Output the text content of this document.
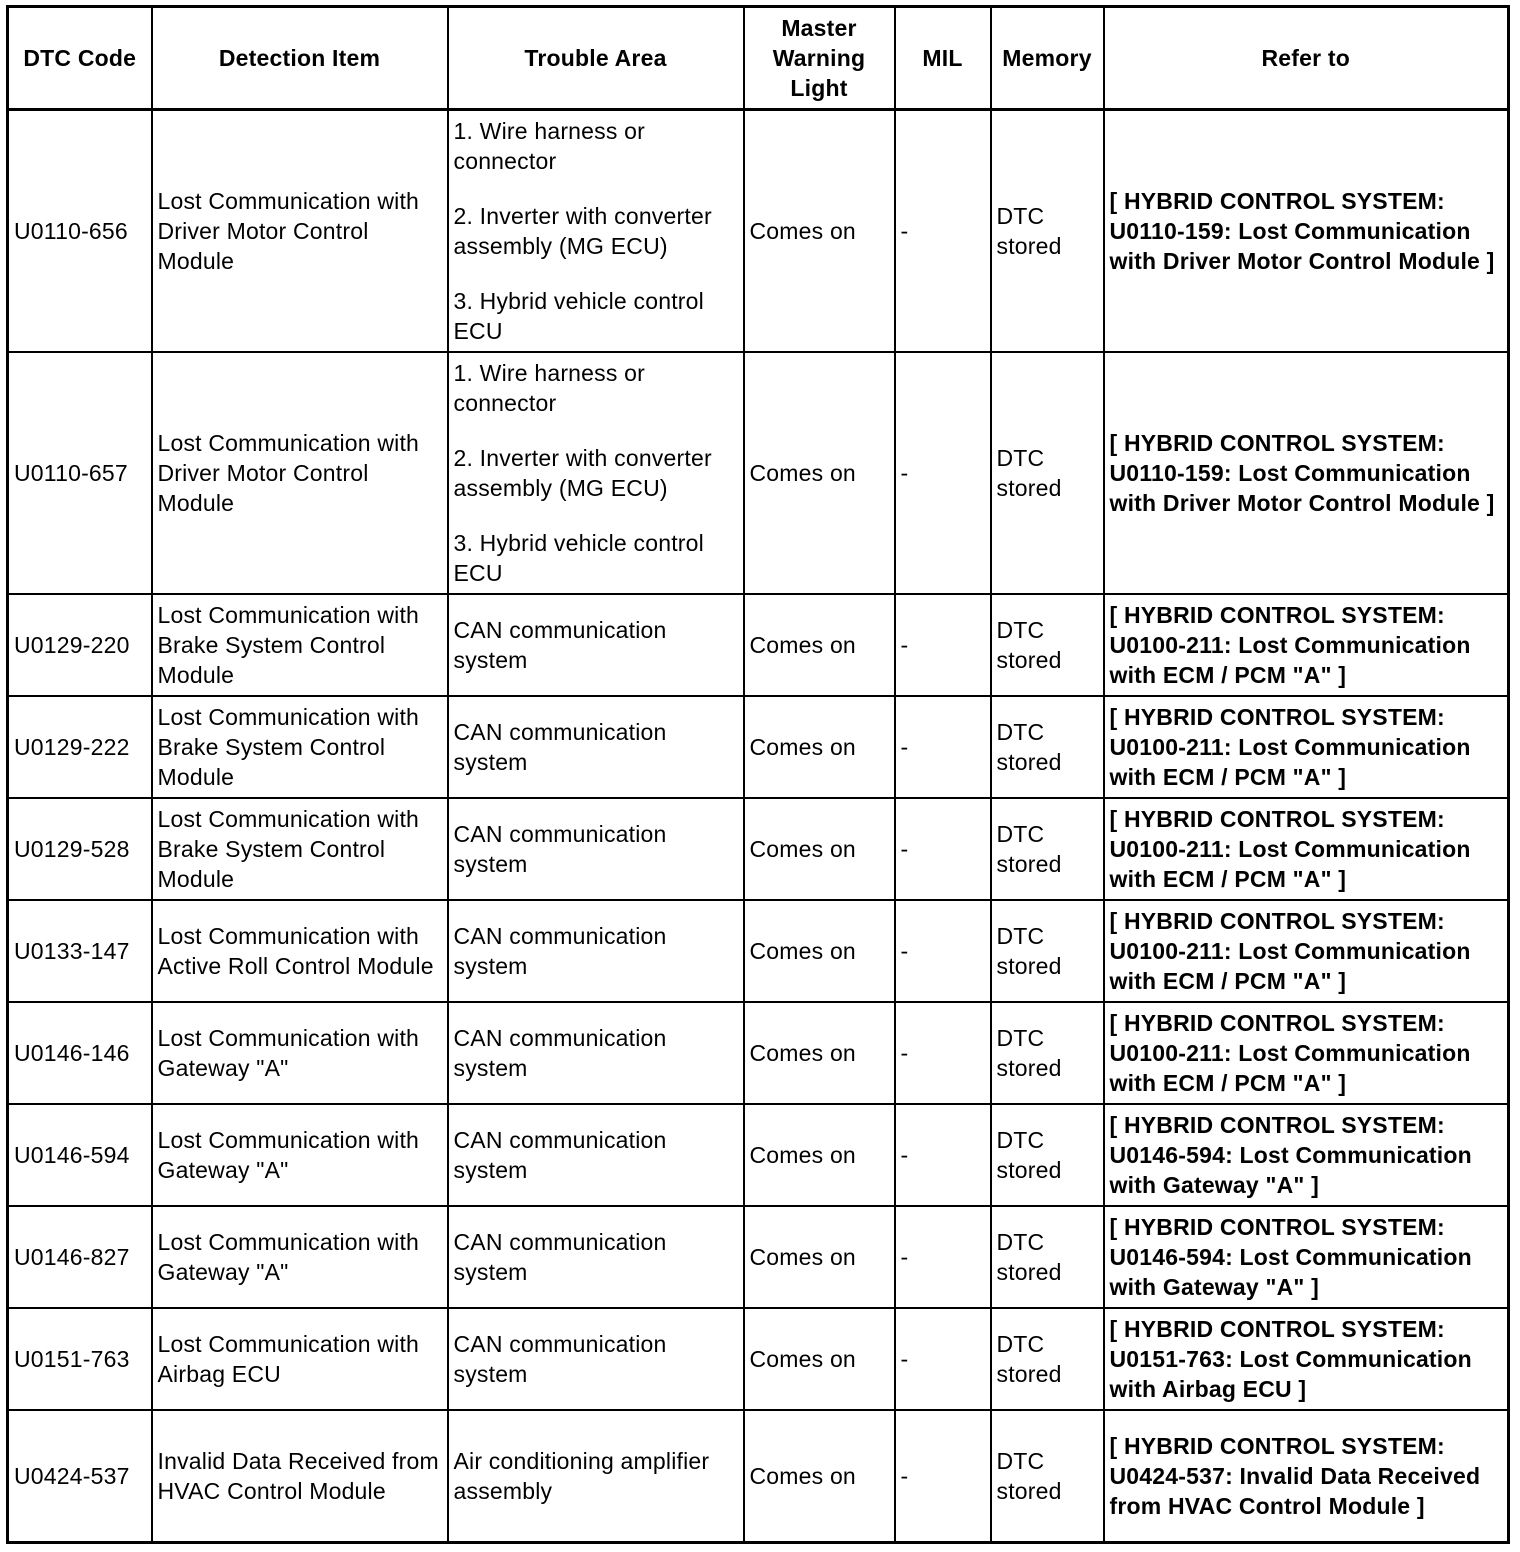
DTC Code	Detection Item	Trouble Area	Master Warning Light	MIL	Memory	Refer to
U0110-656	Lost Communication with Driver Motor Control Module	1. Wire harness or connector
2. Inverter with converter assembly (MG ECU)
3. Hybrid vehicle control ECU	Comes on	-	DTC stored	[ HYBRID CONTROL SYSTEM: U0110-159: Lost Communication with Driver Motor Control Module ]
U0110-657	Lost Communication with Driver Motor Control Module	1. Wire harness or connector
2. Inverter with converter assembly (MG ECU)
3. Hybrid vehicle control ECU	Comes on	-	DTC stored	[ HYBRID CONTROL SYSTEM: U0110-159: Lost Communication with Driver Motor Control Module ]
U0129-220	Lost Communication with Brake System Control Module	CAN communication system	Comes on	-	DTC stored	[ HYBRID CONTROL SYSTEM: U0100-211: Lost Communication with ECM / PCM "A" ]
U0129-222	Lost Communication with Brake System Control Module	CAN communication system	Comes on	-	DTC stored	[ HYBRID CONTROL SYSTEM: U0100-211: Lost Communication with ECM / PCM "A" ]
U0129-528	Lost Communication with Brake System Control Module	CAN communication system	Comes on	-	DTC stored	[ HYBRID CONTROL SYSTEM: U0100-211: Lost Communication with ECM / PCM "A" ]
U0133-147	Lost Communication with Active Roll Control Module	CAN communication system	Comes on	-	DTC stored	[ HYBRID CONTROL SYSTEM: U0100-211: Lost Communication with ECM / PCM "A" ]
U0146-146	Lost Communication with Gateway "A"	CAN communication system	Comes on	-	DTC stored	[ HYBRID CONTROL SYSTEM: U0100-211: Lost Communication with ECM / PCM "A" ]
U0146-594	Lost Communication with Gateway "A"	CAN communication system	Comes on	-	DTC stored	[ HYBRID CONTROL SYSTEM: U0146-594: Lost Communication with Gateway "A" ]
U0146-827	Lost Communication with Gateway "A"	CAN communication system	Comes on	-	DTC stored	[ HYBRID CONTROL SYSTEM: U0146-594: Lost Communication with Gateway "A" ]
U0151-763	Lost Communication with Airbag ECU	CAN communication system	Comes on	-	DTC stored	[ HYBRID CONTROL SYSTEM: U0151-763: Lost Communication with Airbag ECU ]
U0424-537	Invalid Data Received from HVAC Control Module	Air conditioning amplifier assembly	Comes on	-	DTC stored	[ HYBRID CONTROL SYSTEM: U0424-537: Invalid Data Received from HVAC Control Module ]
